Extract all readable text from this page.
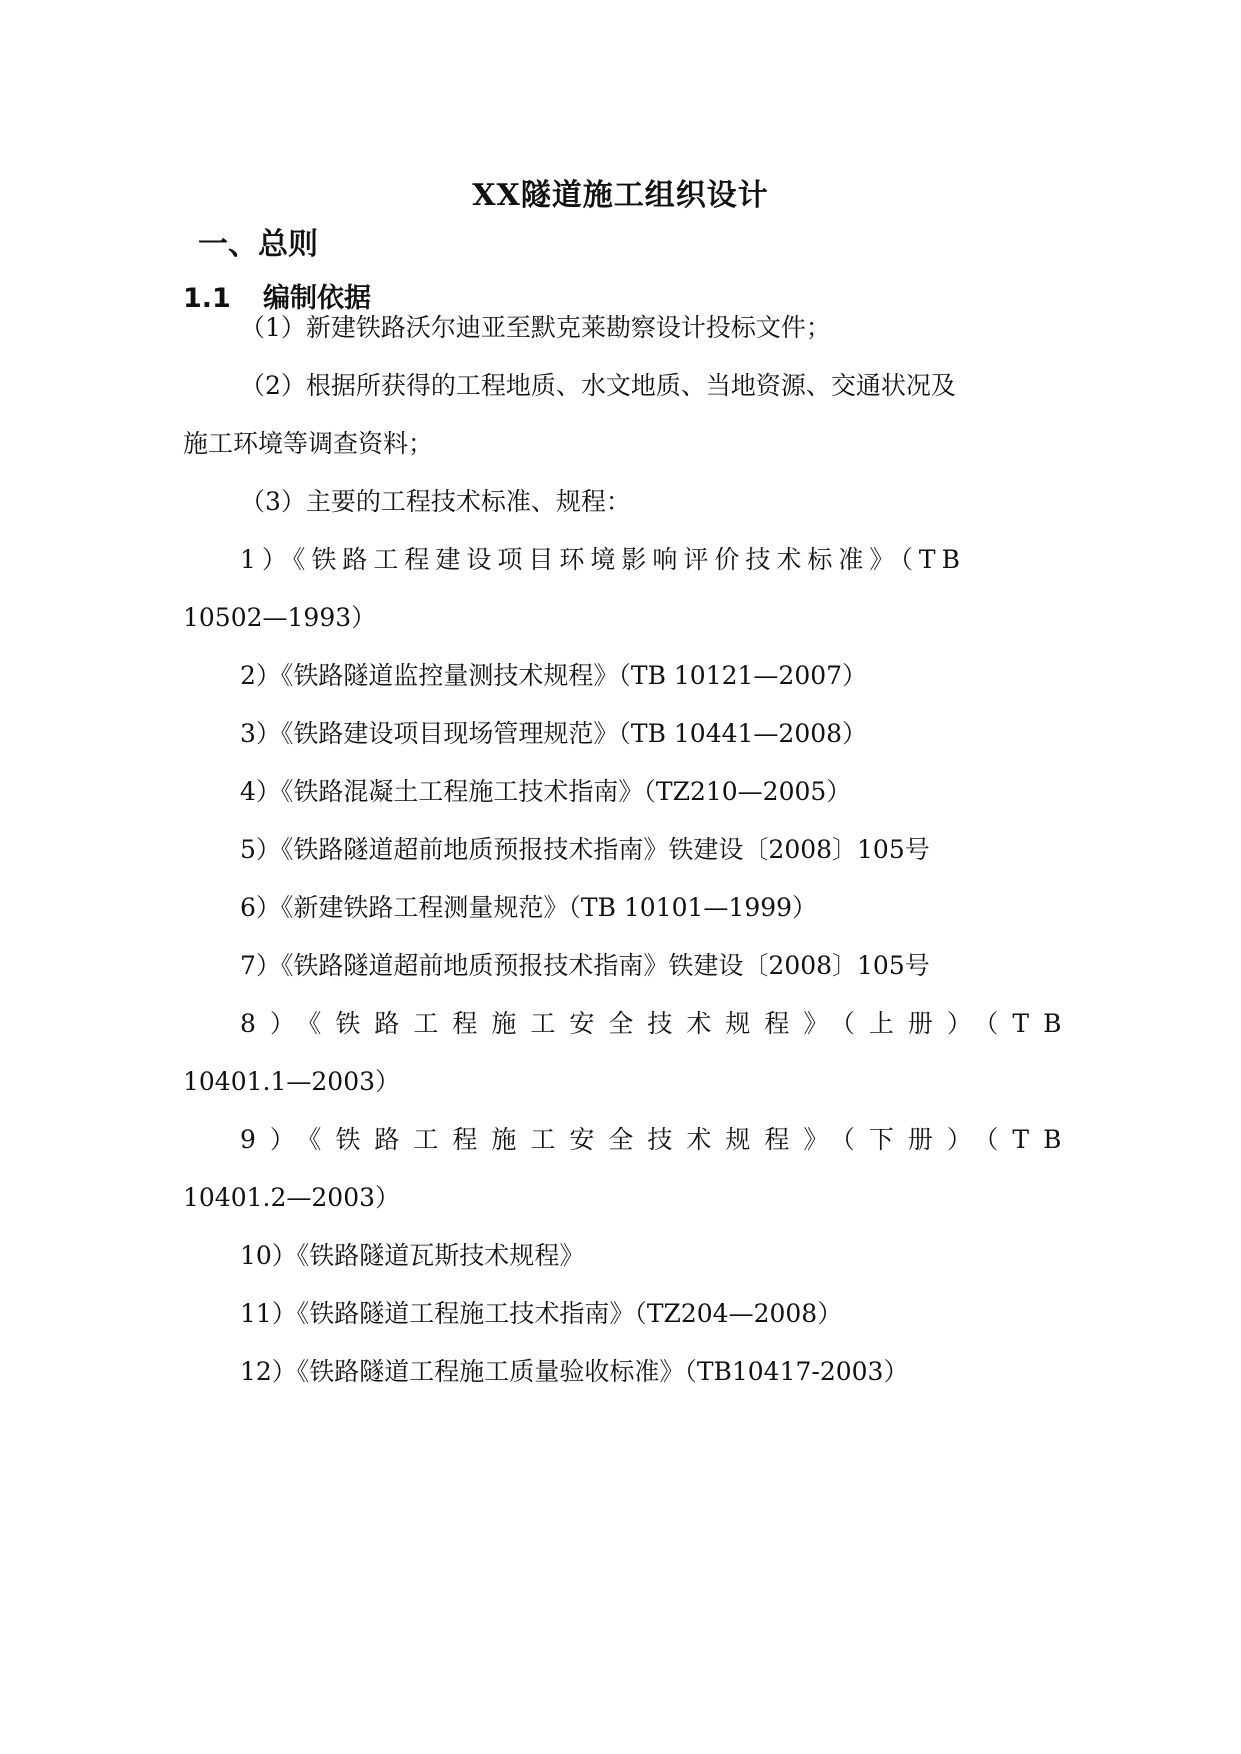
XX隧道施工组织设计
一、总则
1.1 编制依据
（1）新建铁路沃尔迪亚至默克莱勘察设计投标文件；
（2）根据所获得的工程地质、水文地质、当地资源、交通状况及
施工环境等调查资料；
（3）主要的工程技术标准、规程：
1）《铁路工程建设项目环境影响评价技术标准》（TB
10502—1993）
2）《铁路隧道监控量测技术规程》（TB 10121—2007）
3）《铁路建设项目现场管理规范》（TB 10441—2008）
4）《铁路混凝土工程施工技术指南》（TZ210—2005）
5）《铁路隧道超前地质预报技术指南》铁建设〔2008〕105号
6）《新建铁路工程测量规范》（TB 10101—1999）
7）《铁路隧道超前地质预报技术指南》铁建设〔2008〕105号
8）《铁路工程施工安全技术规程》（上册）（TB
10401.1—2003）
9）《铁路工程施工安全技术规程》（下册）（TB
10401.2—2003）
10）《铁路隧道瓦斯技术规程》
11）《铁路隧道工程施工技术指南》（TZ204—2008）
12）《铁路隧道工程施工质量验收标准》（TB10417-2003）
